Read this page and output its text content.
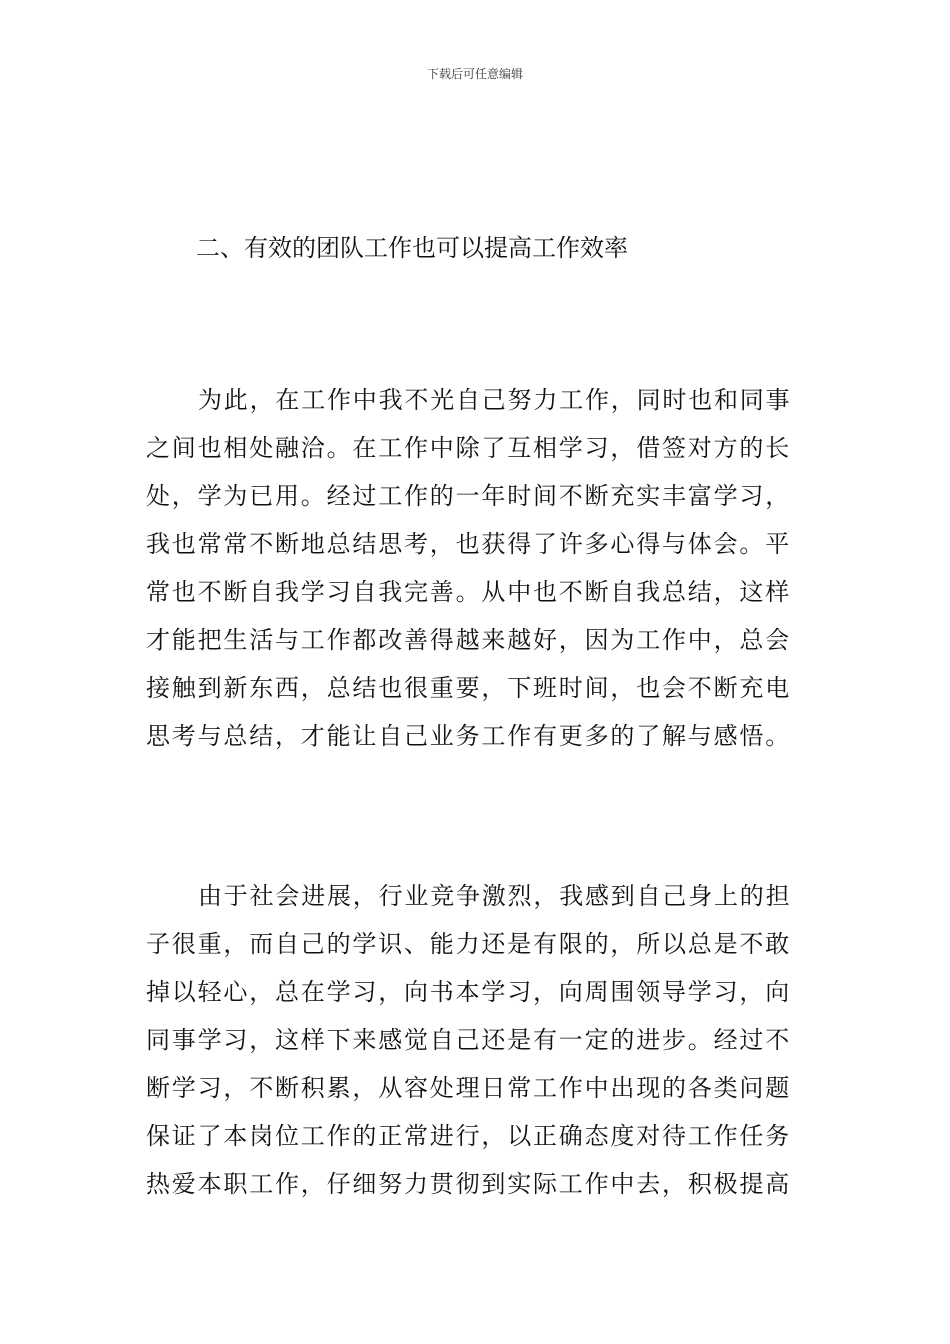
下载后可任意编辑
二、有效的团队工作也可以提高工作效率
为此，在工作中我不光自己努力工作，同时也和同事
之间也相处融洽。在工作中除了互相学习，借签对方的长
处，学为已用。经过工作的一年时间不断充实丰富学习，
我也常常不断地总结思考，也获得了许多心得与体会。平
常也不断自我学习自我完善。从中也不断自我总结，这样
才能把生活与工作都改善得越来越好，因为工作中，总会
接触到新东西，总结也很重要，下班时间，也会不断充电
思考与总结，才能让自己业务工作有更多的了解与感悟。
由于社会进展，行业竞争激烈，我感到自己身上的担
子很重，而自己的学识、能力还是有限的，所以总是不敢
掉以轻心，总在学习，向书本学习，向周围领导学习，向
同事学习，这样下来感觉自己还是有一定的进步。经过不
断学习，不断积累，从容处理日常工作中出现的各类问题
保证了本岗位工作的正常进行，以正确态度对待工作任务
热爱本职工作，仔细努力贯彻到实际工作中去，积极提高
